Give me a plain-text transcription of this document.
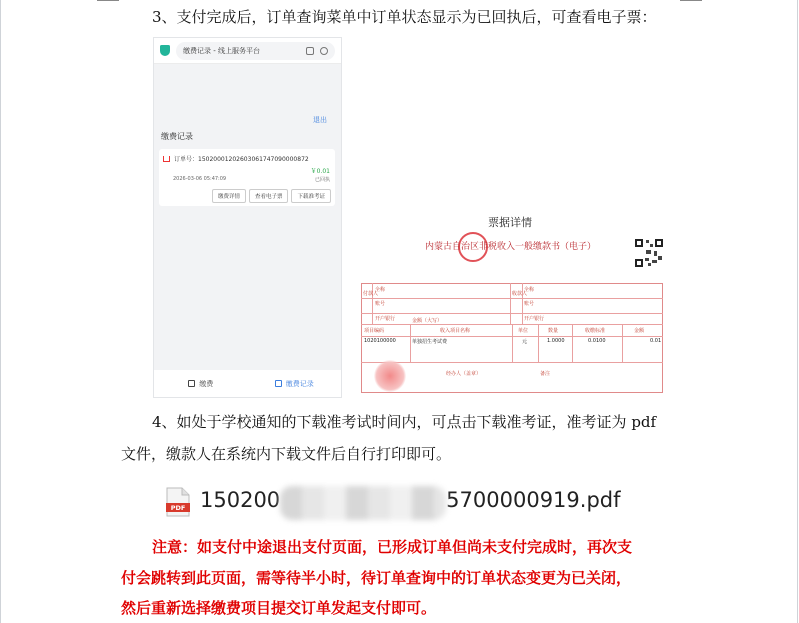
3、支付完成后，订单查询菜单中订单状态显示为已回执后，可查看电子票：
缴费记录 - 线上服务平台
退出
缴费记录
订单号：15020001202603061747090000872
￥0.01
2026-03-06 05:47:09	已回执
缴费详情	查看电子票	下载准考证
缴费	缴费记录
票据详情
内蒙古自治区非税收入一般缴款书（电子）
付款人
全称
账号
开户银行
收款人
全称
账号
开户银行
金额（大写）
项目编码	收入项目名称	单位	数量	收缴标准	金额
1020100000	单独招生考试费	元	1.0000	0.0100	0.01
经办人（盖章）	备注
4、如处于学校通知的下载准考试时间内，可点击下载准考证，准考证为 pdf
文件，缴款人在系统内下载文件后自行打印即可。
PDF 150200	5700000919.pdf
注意：如支付中途退出支付页面，已形成订单但尚未支付完成时，再次支
付会跳转到此页面，需等待半小时，待订单查询中的订单状态变更为已关闭，
然后重新选择缴费项目提交订单发起支付即可。
